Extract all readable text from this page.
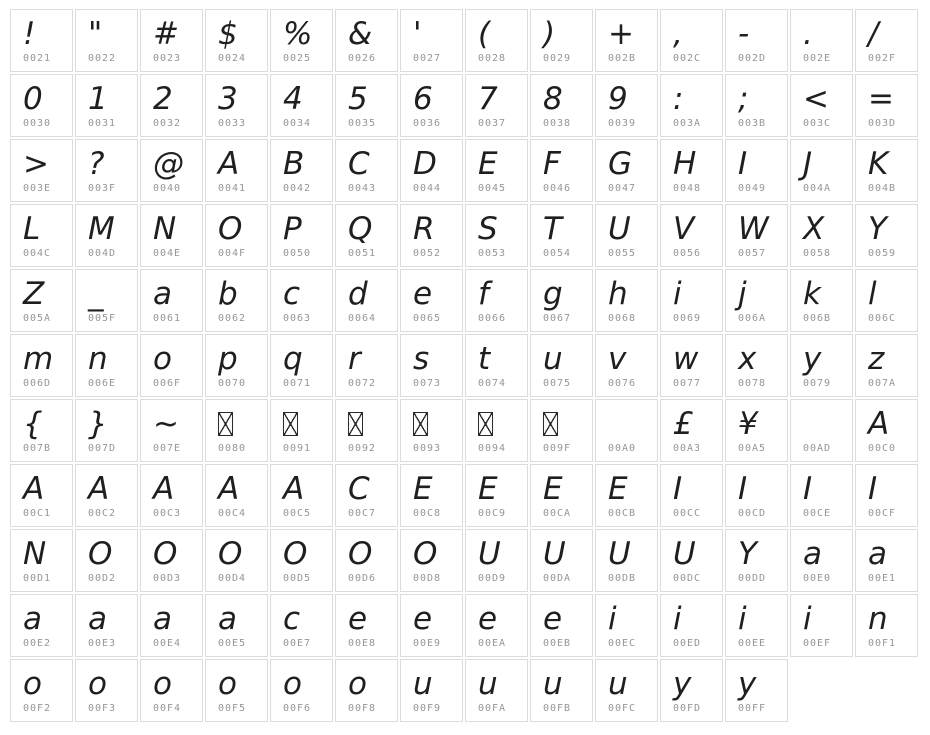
!
0021
"
0022
#
0023
$
0024
%
0025
&
0026
'
0027
(
0028
)
0029
+
002B
,
002C
-
002D
.
002E
/
002F
0
0030
1
0031
2
0032
3
0033
4
0034
5
0035
6
0036
7
0037
8
0038
9
0039
:
003A
;
003B
<
003C
=
003D
>
003E
?
003F
@
0040
A
0041
B
0042
C
0043
D
0044
E
0045
F
0046
G
0047
H
0048
I
0049
J
004A
K
004B
L
004C
M
004D
N
004E
O
004F
P
0050
Q
0051
R
0052
S
0053
T
0054
U
0055
V
0056
W
0057
X
0058
Y
0059
Z
005A
_
005F
a
0061
b
0062
c
0063
d
0064
e
0065
f
0066
g
0067
h
0068
i
0069
j
006A
k
006B
l
006C
m
006D
n
006E
o
006F
p
0070
q
0071
r
0072
s
0073
t
0074
u
0075
v
0076
w
0077
x
0078
y
0079
z
007A
{
007B
}
007D
~
007E	0080	0091	0092	0093	0094	009F	00A0
£
00A3
¥
00A5	00AD
A
00C0
A
00C1
A
00C2
A
00C3
A
00C4
A
00C5
C
00C7
E
00C8
E
00C9
E
00CA
E
00CB
I
00CC
I
00CD
I
00CE
I
00CF
N
00D1
O
00D2
O
00D3
O
00D4
O
00D5
O
00D6
O
00D8
U
00D9
U
00DA
U
00DB
U
00DC
Y
00DD
a
00E0
a
00E1
a
00E2
a
00E3
a
00E4
a
00E5
c
00E7
e
00E8
e
00E9
e
00EA
e
00EB
i
00EC
i
00ED
i
00EE
i
00EF
n
00F1
o
00F2
o
00F3
o
00F4
o
00F5
o
00F6
o
00F8
u
00F9
u
00FA
u
00FB
u
00FC
y
00FD
y
00FF
